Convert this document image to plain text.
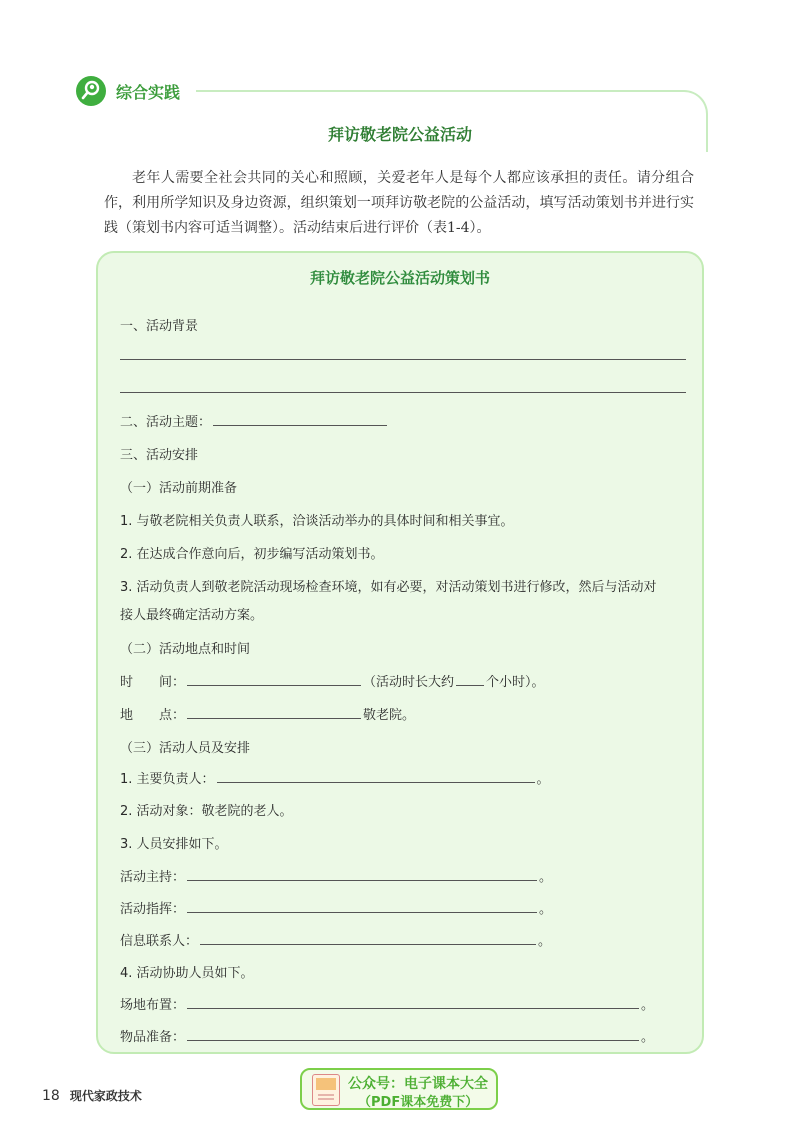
综合实践
拜访敬老院公益活动
老年人需要全社会共同的关心和照顾，关爱老年人是每个人都应该承担的责任。请分组合作，利用所学知识及身边资源，组织策划一项拜访敬老院的公益活动，填写活动策划书并进行实践（策划书内容可适当调整）。活动结束后进行评价（表1-4）。
拜访敬老院公益活动策划书
一、活动背景
二、活动主题：
三、活动安排
（一）活动前期准备
1. 与敬老院相关负责人联系，洽谈活动举办的具体时间和相关事宜。
2. 在达成合作意向后，初步编写活动策划书。
3. 活动负责人到敬老院活动现场检查环境，如有必要，对活动策划书进行修改，然后与活动对
接人最终确定活动方案。
（二）活动地点和时间
时　　间：	（活动时长大约 个小时）。
地　　点：	敬老院。
（三）活动人员及安排
1. 主要负责人：	。
2. 活动对象：敬老院的老人。
3. 人员安排如下。
活动主持：	。
活动指挥：	。
信息联系人：	。
4. 活动协助人员如下。
场地布置：	。
物品准备：	。
18 现代家政技术
公众号：电子课本大全
（PDF课本免费下）
